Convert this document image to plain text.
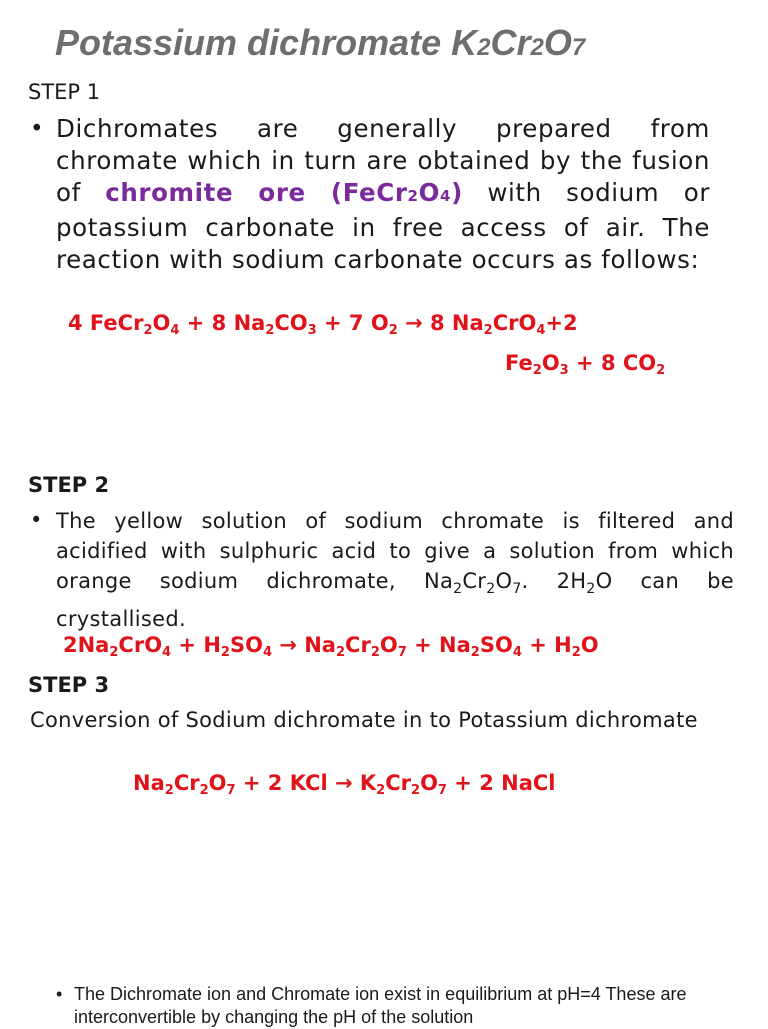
Potassium dichromate K2Cr2O7
STEP 1
• Dichromates are generally prepared from chromate which in turn are obtained by the fusion of chromite ore (FeCr2O4) with sodium or potassium carbonate in free access of air. The reaction with sodium carbonate occurs as follows:
4 $FeCr_2O_4 + 8$ $Na_2CO_3 + 7$ $O_2 \to 8$ $Na_2CrO_4+2$
$Fe_2O_3 + 8$ $CO_2$
STEP 2
• The yellow solution of sodium chromate is filtered and acidified with sulphuric acid to give a solution from which orange sodium dichromate, $Na_2Cr_2O_7$. $2H_2O$ can be crystallised.
$2Na_2CrO_4 + H_2SO_4 \to Na_2Cr_2O_7 + Na_2SO_4 + H_2O$
STEP 3
Conversion of Sodium dichromate in to Potassium dichromate
$Na_2Cr_2O_7 + 2$ KCl → $K_2Cr_2O_7 + 2$ NaCl
• The Dichromate ion and Chromate ion exist in equilibrium at pH=4 These are interconvertible by changing the pH of the solution
